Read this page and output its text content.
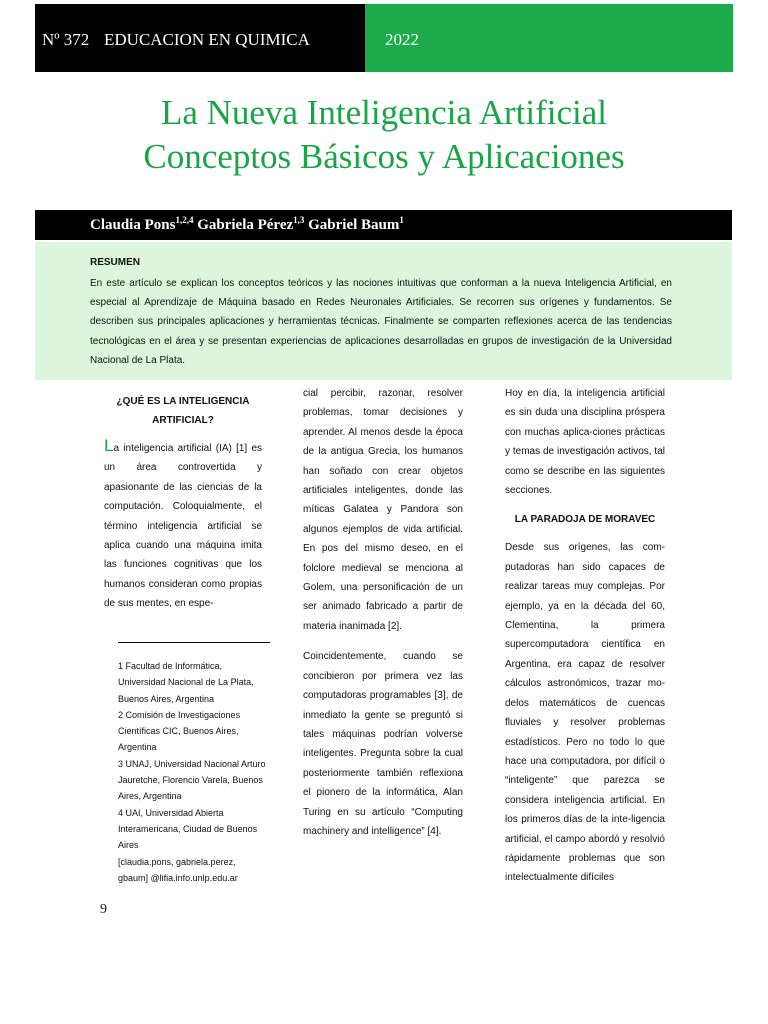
Nº 372 EDUCACION EN QUIMICA	2022
La Nueva Inteligencia Artificial
Conceptos Básicos y Aplicaciones
Claudia Pons$^{1,2,4}$ Gabriela Pérez$^{1,3}$ Gabriel Baum$^1$
RESUMEN
En este artículo se explican los conceptos teóricos y las nociones intuitivas que conforman a la nueva Inteligencia Artificial, en especial al Aprendizaje de Máquina basado en Redes Neuronales Artificiales. Se recorren sus orígenes y fundamentos. Se describen sus principales aplicaciones y herramientas técnicas. Finalmente se comparten reflexiones acerca de las tendencias tecnológicas en el área y se presentan experiencias de aplicaciones desarrolladas en grupos de investigación de la Universidad Nacional de La Plata.
¿QUÉ ES LA INTELIGENCIA ARTIFICIAL?

La inteligencia artificial (IA) [1] es un área controvertida y apasionante de las ciencias de la computación. Coloquialmente, el término inteligencia artificial se aplica cuando una máquina imita las funciones cognitivas que los humanos consideran como propias de sus mentes, en espe-

1 Facultad de Informática, Universidad Nacional de La Plata, Buenos Aires, Argentina
2 Comisión de Investigaciones Científicas CIC, Buenos Aires, Argentina
3 UNAJ, Universidad Nacional Arturo Jauretche, Florencio Varela, Buenos Aires, Argentina
4 UAI, Universidad Abierta Interamericana, Ciudad de Buenos Aires
[claudia.pons, gabriela.perez, gbaum] @lifia.info.unlp.edu.ar

cial percibir, razonar, resolver problemas, tomar decisiones y aprender. Al menos desde la época de la antigua Grecia, los humanos han soñado con crear objetos artificiales inteligentes, donde las míticas Galatea y Pandora son algunos ejemplos de vida artificial. En pos del mismo deseo, en el folclore medieval se menciona al Golem, una personificación de un ser animado fabricado a partir de materia inanimada [2].

Coincidentemente, cuando se concibieron por primera vez las computadoras programables [3], de inmediato la gente se preguntó si tales máquinas podrían volverse inteligentes. Pregunta sobre la cual posteriormente también reflexiona el pionero de la informática, Alan Turing en su artículo “Computing machinery and intelligence” [4].

Hoy en día, la inteligencia artificial es sin duda una disciplina próspera con muchas aplica-ciones prácticas y temas de investigación activos, tal como se describe en las siguientes secciones.

LA PARADOJA DE MORAVEC

Desde sus orígenes, las com-putadoras han sido capaces de realizar tareas muy complejas. Por ejemplo, ya en la década del 60, Clementina, la primera supercomputadora científica en Argentina, era capaz de resolver cálculos astronómicos, trazar mo-delos matemáticos de cuencas fluviales y resolver problemas estadísticos. Pero no todo lo que hace una computadora, por difícil o “inteligente” que parezca se considera inteligencia artificial. En los primeros días de la inte-ligencia artificial, el campo abordó y resolvió rápidamente problemas que son intelectualmente difíciles

9
